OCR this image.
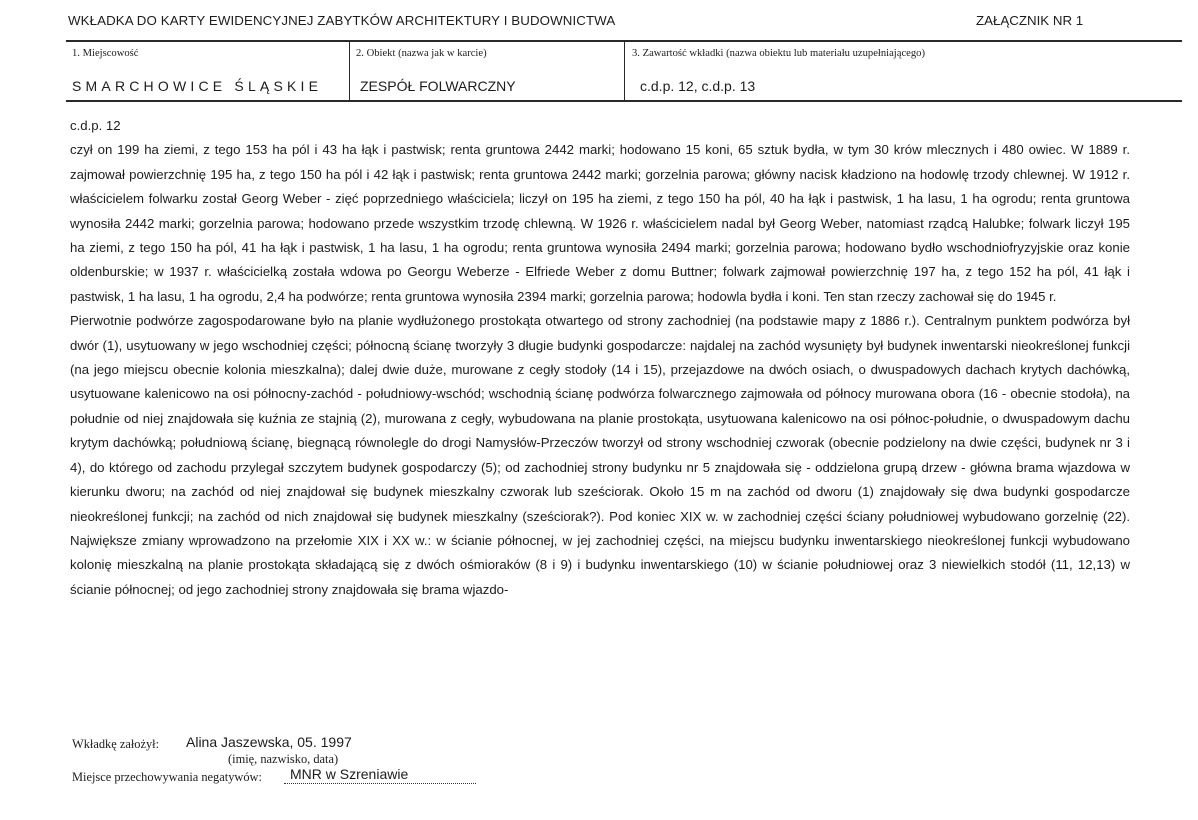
WKŁADKA DO KARTY EWIDENCYJNEJ ZABYTKÓW ARCHITEKTURY I BUDOWNICTWA	ZAŁĄCZNIK NR 1
1. Miejscowość
SMARCHOWICE ŚLĄSKIE
2. Obiekt (nazwa jak w karcie)
ZESPÓŁ FOLWARCZNY
3. Zawartość wkładki (nazwa obiektu lub materiału uzupełniającego)
c.d.p. 12, c.d.p. 13

c.d.p. 12

czył on 199 ha ziemi, z tego 153 ha pól i 43 ha łąk i pastwisk; renta gruntowa 2442 marki; hodowano 15 koni, 65 sztuk bydła, w tym 30 krów mlecznych i 480 owiec. W 1889 r. zajmował powierzchnię 195 ha, z tego 150 ha pól i 42 łąk i pastwisk; renta gruntowa 2442 marki; gorzelnia parowa; główny nacisk kładziono na hodowlę trzody chlewnej. W 1912 r. właścicielem folwarku został Georg Weber - zięć poprzedniego właściciela; liczył on 195 ha ziemi, z tego 150 ha pól, 40 ha łąk i pastwisk, 1 ha lasu, 1 ha ogrodu; renta gruntowa wynosiła 2442 marki; gorzelnia parowa; hodowano przede wszystkim trzodę chlewną. W 1926 r. właścicielem nadal był Georg Weber, natomiast rządcą Halubke; folwark liczył 195 ha ziemi, z tego 150 ha pól, 41 ha łąk i pastwisk, 1 ha lasu, 1 ha ogrodu; renta gruntowa wynosiła 2494 marki; gorzelnia parowa; hodowano bydło wschodniofryzyjskie oraz konie oldenburskie; w 1937 r. właścicielką została wdowa po Georgu Weberze - Elfriede Weber z domu Buttner; folwark zajmował powierzchnię 197 ha, z tego 152 ha pól, 41 łąk i pastwisk, 1 ha lasu, 1 ha ogrodu, 2,4 ha podwórze; renta gruntowa wynosiła 2394 marki; gorzelnia parowa; hodowla bydła i koni. Ten stan rzeczy zachował się do 1945 r.

Pierwotnie podwórze zagospodarowane było na planie wydłużonego prostokąta otwartego od strony zachodniej (na podstawie mapy z 1886 r.). Centralnym punktem podwórza był dwór (1), usytuowany w jego wschodniej części; północną ścianę tworzyły 3 długie budynki gospodarcze: najdalej na zachód wysunięty był budynek inwentarski nieokreślonej funkcji (na jego miejscu obecnie kolonia mieszkalna); dalej dwie duże, murowane z cegły stodoły (14 i 15), przejazdowe na dwóch osiach, o dwuspadowych dachach krytych dachówką, usytuowane kalenicowo na osi północny-zachód - południowy-wschód; wschodnią ścianę podwórza folwarcznego zajmowała od północy murowana obora (16 - obecnie stodoła), na południe od niej znajdowała się kuźnia ze stajnią (2), murowana z cegły, wybudowana na planie prostokąta, usytuowana kalenicowo na osi północ-południe, o dwuspadowym dachu krytym dachówką; południową ścianę, biegnącą równolegle do drogi Namysłów-Przeczów tworzył od strony wschodniej czworak (obecnie podzielony na dwie części, budynek nr 3 i 4), do którego od zachodu przylegał szczytem budynek gospodarczy (5); od zachodniej strony budynku nr 5 znajdowała się - oddzielona grupą drzew - główna brama wjazdowa w kierunku dworu; na zachód od niej znajdował się budynek mieszkalny czworak lub sześciorak. Około 15 m na zachód od dworu (1) znajdowały się dwa budynki gospodarcze nieokreślonej funkcji; na zachód od nich znajdował się budynek mieszkalny (sześciorak?). Pod koniec XIX w. w zachodniej części ściany południowej wybudowano gorzelnię (22). Największe zmiany wprowadzono na przełomie XIX i XX w.: w ścianie północnej, w jej zachodniej części, na miejscu budynku inwentarskiego nieokreślonej funkcji wybudowano kolonię mieszkalną na planie prostokąta składającą się z dwóch ośmioraków (8 i 9) i budynku inwentarskiego (10) w ścianie południowej oraz 3 niewielkich stodół (11, 12,13) w ścianie północnej; od jego zachodniej strony znajdowała się brama wjazdo-

Wkładkę założył: Alina Jaszewska, 05. 1997
(imię, nazwisko, data)
Miejsce przechowywania negatywów: MNR w Szreniawie
